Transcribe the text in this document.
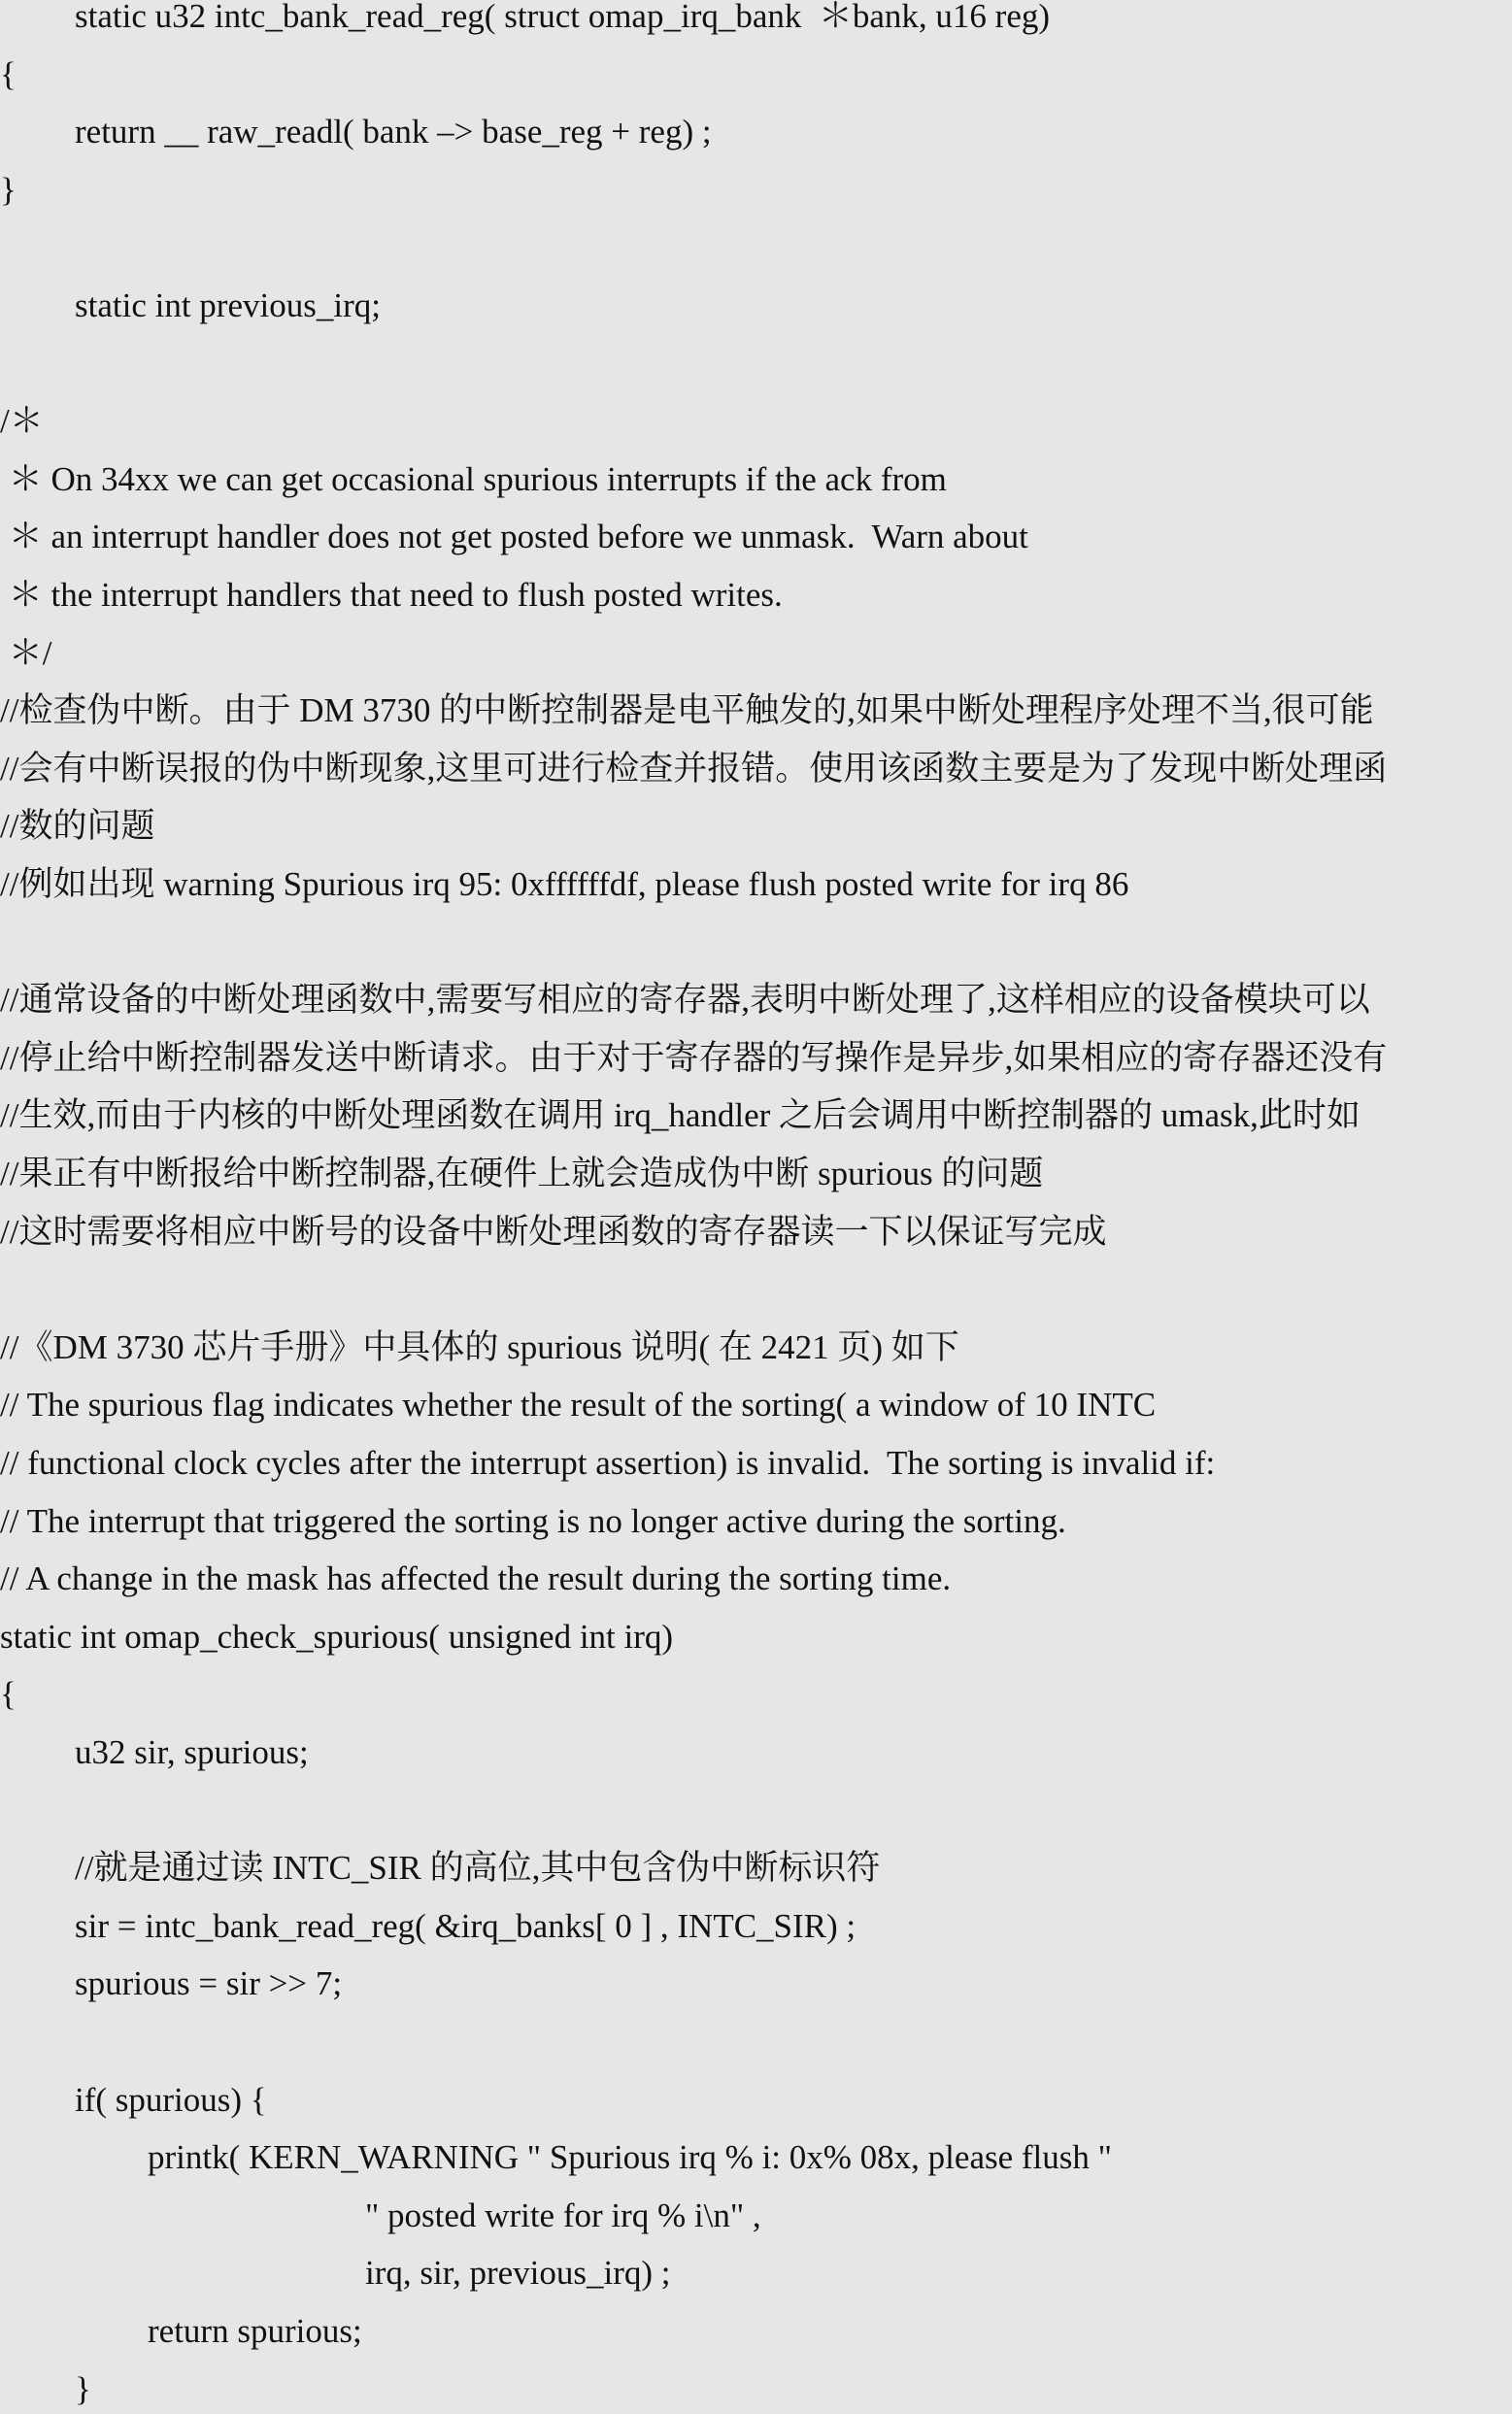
static u32 intc_bank_read_reg( struct omap_irq_bank  ＊bank, u16 reg)
{
return __ raw_readl( bank –> base_reg + reg) ;
}
static int previous_irq;
/＊
＊ On 34xx we can get occasional spurious interrupts if the ack from
＊ an interrupt handler does not get posted before we unmask.  Warn about
＊ the interrupt handlers that need to flush posted writes.
＊/
//检查伪中断。由于 DM 3730 的中断控制器是电平触发的,如果中断处理程序处理不当,很可能
//会有中断误报的伪中断现象,这里可进行检查并报错。使用该函数主要是为了发现中断处理函
//数的问题
//例如出现 warning Spurious irq 95: 0xffffffdf, please flush posted write for irq 86
//通常设备的中断处理函数中,需要写相应的寄存器,表明中断处理了,这样相应的设备模块可以
//停止给中断控制器发送中断请求。由于对于寄存器的写操作是异步,如果相应的寄存器还没有
//生效,而由于内核的中断处理函数在调用 irq_handler 之后会调用中断控制器的 umask,此时如
//果正有中断报给中断控制器,在硬件上就会造成伪中断 spurious 的问题
//这时需要将相应中断号的设备中断处理函数的寄存器读一下以保证写完成
//《DM 3730 芯片手册》中具体的 spurious 说明( 在 2421 页) 如下
// The spurious flag indicates whether the result of the sorting( a window of 10 INTC
// functional clock cycles after the interrupt assertion) is invalid.  The sorting is invalid if:
// The interrupt that triggered the sorting is no longer active during the sorting.
// A change in the mask has affected the result during the sorting time.
static int omap_check_spurious( unsigned int irq)
{
u32 sir, spurious;
//就是通过读 INTC_SIR 的高位,其中包含伪中断标识符
sir = intc_bank_read_reg( &irq_banks[ 0 ] , INTC_SIR) ;
spurious = sir >> 7;
if( spurious) {
printk( KERN_WARNING " Spurious irq % i: 0x% 08x, please flush "
" posted write for irq % i\n" ,
irq, sir, previous_irq) ;
return spurious;
}
